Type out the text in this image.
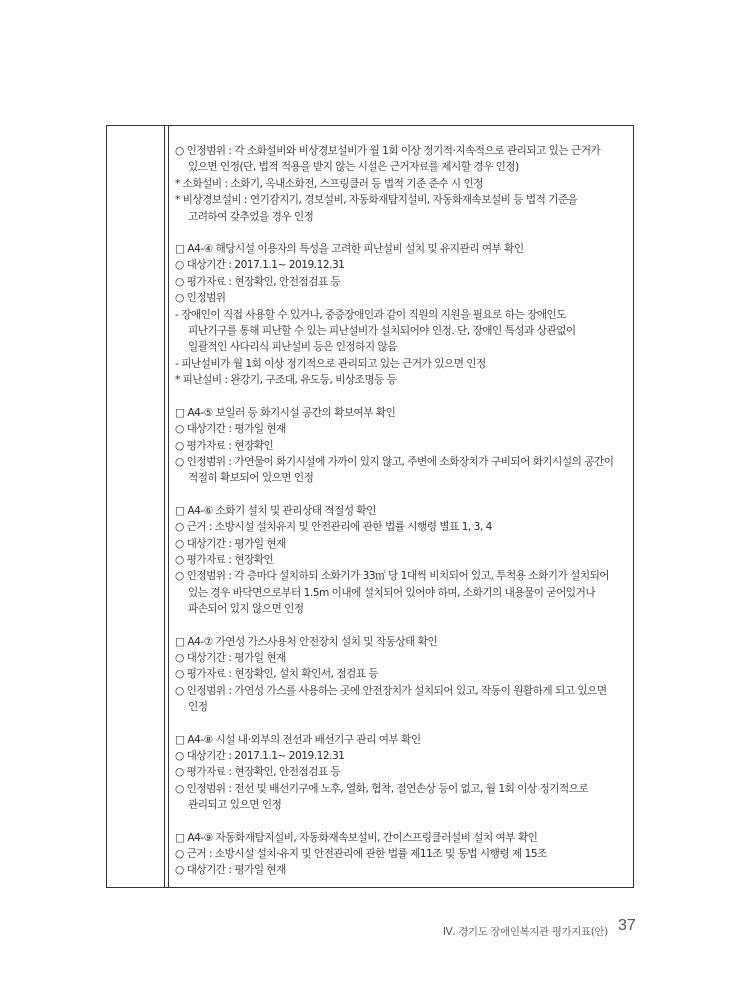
○ 인정범위 : 각 소화설비와 비상경보설비가 월 1회 이상 정기적·지속적으로 관리되고 있는 근거가
　 있으면 인정(단, 법적 적용을 받지 않는 시설은 근거자료를 제시할 경우 인정)
* 소화설비 : 소화기, 옥내소화전, 스프링클러 등 법적 기준 준수 시 인정
* 비상경보설비 : 연기감지기, 경보설비, 자동화재탐지설비, 자동화재속보설비 등 법적 기준을
　 고려하여 갖추었을 경우 인정
□ A4-④ 해당시설 이용자의 특성을 고려한 피난설비 설치 및 유지관리 여부 확인
○ 대상기간 : 2017.1.1~ 2019.12.31
○ 평가자료 : 현장확인, 안전점검표 등
○ 인정범위
- 장애인이 직접 사용할 수 있거나, 중증장애인과 같이 직원의 지원을 필요로 하는 장애인도
　 피난기구를 통해 피난할 수 있는 피난설비가 설치되어야 인정. 단, 장애인 특성과 상관없이
　 일괄적인 사다리식 피난설비 등은 인정하지 않음
- 피난설비가 월 1회 이상 정기적으로 관리되고 있는 근거가 있으면 인정
* 피난설비 : 완강기, 구조대, 유도등, 비상조명등 등
□ A4-⑤ 보일러 등 화기시설 공간의 확보여부 확인
○ 대상기간 : 평가일 현재
○ 평가자료 : 현장확인
○ 인정범위 : 가연물이 화기시설에 가까이 있지 않고, 주변에 소화장치가 구비되어 화기시설의 공간이
　 적절히 확보되어 있으면 인정
□ A4-⑥ 소화기 설치 및 관리상태 적절성 확인
○ 근거 : 소방시설 설치유지 및 안전관리에 관한 법률 시행령 별표 1, 3, 4
○ 대상기간 : 평가일 현재
○ 평가자료 : 현장확인
○ 인정범위 : 각 층마다 설치하되 소화기가 33㎡ 당 1대씩 비치되어 있고, 투척용 소화기가 설치되어
　 있는 경우 바닥면으로부터 1.5m 이내에 설치되어 있어야 하며, 소화기의 내용물이 굳어있거나
　 파손되어 있지 않으면 인정
□ A4-⑦ 가연성 가스사용처 안전장치 설치 및 작동상태 확인
○ 대상기간 : 평가일 현재
○ 평가자료 : 현장확인, 설치 확인서, 점검표 등
○ 인정범위 : 가연성 가스를 사용하는 곳에 안전장치가 설치되어 있고, 작동이 원활하게 되고 있으면
　 인정
□ A4-⑧ 시설 내·외부의 전선과 배선기구 관리 여부 확인
○ 대상기간 : 2017.1.1~ 2019.12.31
○ 평가자료 : 현장확인, 안전점검표 등
○ 인정범위 : 전선 및 배선기구에 노후, 열화, 협착, 절연손상 등이 없고, 월 1회 이상 정기적으로
　 관리되고 있으면 인정
□ A4-⑨ 자동화재탐지설비, 자동화재속보설비, 간이스프링클러설비 설치 여부 확인
○ 근거 : 소방시설 설치·유지 및 안전관리에 관한 법률 제11조 및 동법 시행령 제 15조
○ 대상기간 : 평가일 현재
Ⅳ. 경기도 장애인복지관 평가지표(안) 37
